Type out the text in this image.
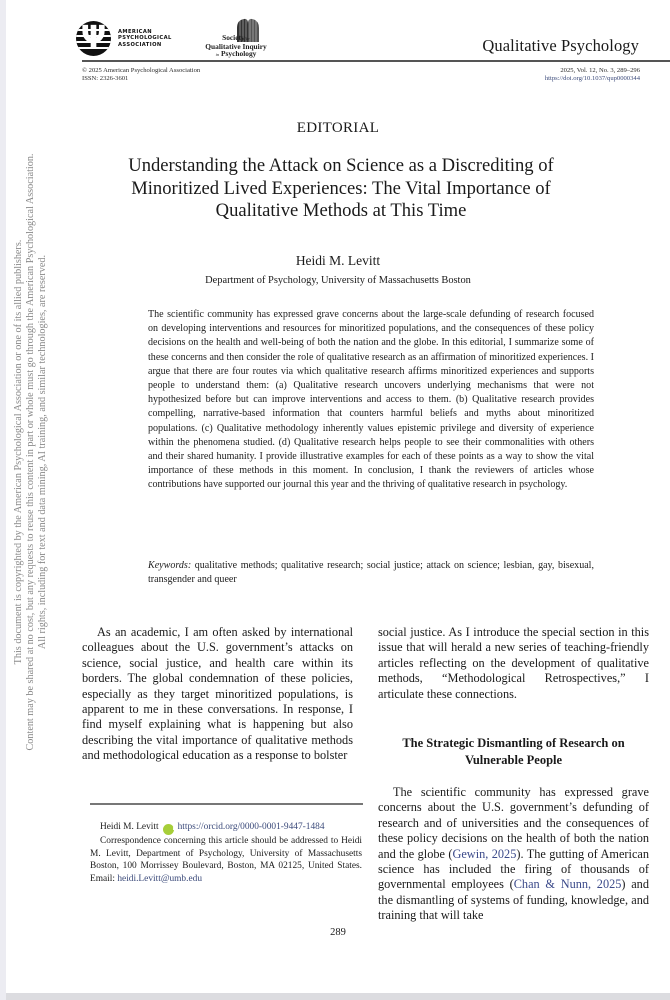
Ψ	AMERICAN
PSYCHOLOGICAL
ASSOCIATION
Societyfor
Qualitative Inquiry
in Psychology	Qualitative Psychology
© 2025 American Psychological Association
ISSN: 2326-3601
2025, Vol. 12, No. 3, 289–296
https://doi.org/10.1037/qup0000344
EDITORIAL
Understanding the Attack on Science as a Discrediting of Minoritized Lived Experiences: The Vital Importance of Qualitative Methods at This Time
Heidi M. Levitt
Department of Psychology, University of Massachusetts Boston
The scientific community has expressed grave concerns about the large-scale defunding of research focused on developing interventions and resources for minoritized populations, and the consequences of these policy decisions on the health and well-being of both the nation and the globe. In this editorial, I summarize some of these concerns and then consider the role of qualitative research as an affirmation of minoritized experiences. I argue that there are four routes via which qualitative research affirms minoritized experiences and supports people to understand them: (a) Qualitative research uncovers underlying mechanisms that were not hypothesized before but can improve interventions and access to them. (b) Qualitative research provides compelling, narrative-based information that counters harmful beliefs and myths about minoritized populations. (c) Qualitative methodology inherently values epistemic privilege and diversity of experience within the phenomena studied. (d) Qualitative research helps people to see their commonalities with others and their shared humanity. I provide illustrative examples for each of these points as a way to show the vital importance of these methods in this moment. In conclusion, I thank the reviewers of articles whose contributions have supported our journal this year and the thriving of qualitative research in psychology.
Keywords: qualitative methods; qualitative research; social justice; attack on science; lesbian, gay, bisexual, transgender and queer

As an academic, I am often asked by international colleagues about the U.S. government’s attacks on science, social justice, and health care within its borders. The global condemnation of these policies, especially as they target minoritized populations, is apparent to me in these conversations. In response, I find myself explaining what is happening but also describing the vital importance of qualitative methods and methodological education as a response to bolster

social justice. As I introduce the special section in this issue that will herald a new series of teaching-friendly articles reflecting on the development of qualitative methods, “Methodological Retrospectives,” I articulate these connections.

The Strategic Dismantling of Research on Vulnerable People

The scientific community has expressed grave concerns about the U.S. government’s defunding of research and of universities and the consequences of these policy decisions on the health of both the nation and the globe (Gewin, 2025). The gutting of American science has included the firing of thousands of governmental employees (Chan & Nunn, 2025) and the dismantling of systems of funding, knowledge, and training that will take

Heidi M. Levitt	iDhttps://orcid.org/0000-0001-9447-1484

Correspondence concerning this article should be addressed to Heidi M. Levitt, Department of Psychology, University of Massachusetts Boston, 100 Morrissey Boulevard, Boston, MA 02125, United States. Email: heidi.Levitt@umb.edu

289
This document is copyrighted by the American Psychological Association or one of its allied publishers. Content may be shared at no cost, but any requests to reuse this content in part or whole must go through the American Psychological Association. All rights, including for text and data mining, AI training, and similar technologies, are reserved.
